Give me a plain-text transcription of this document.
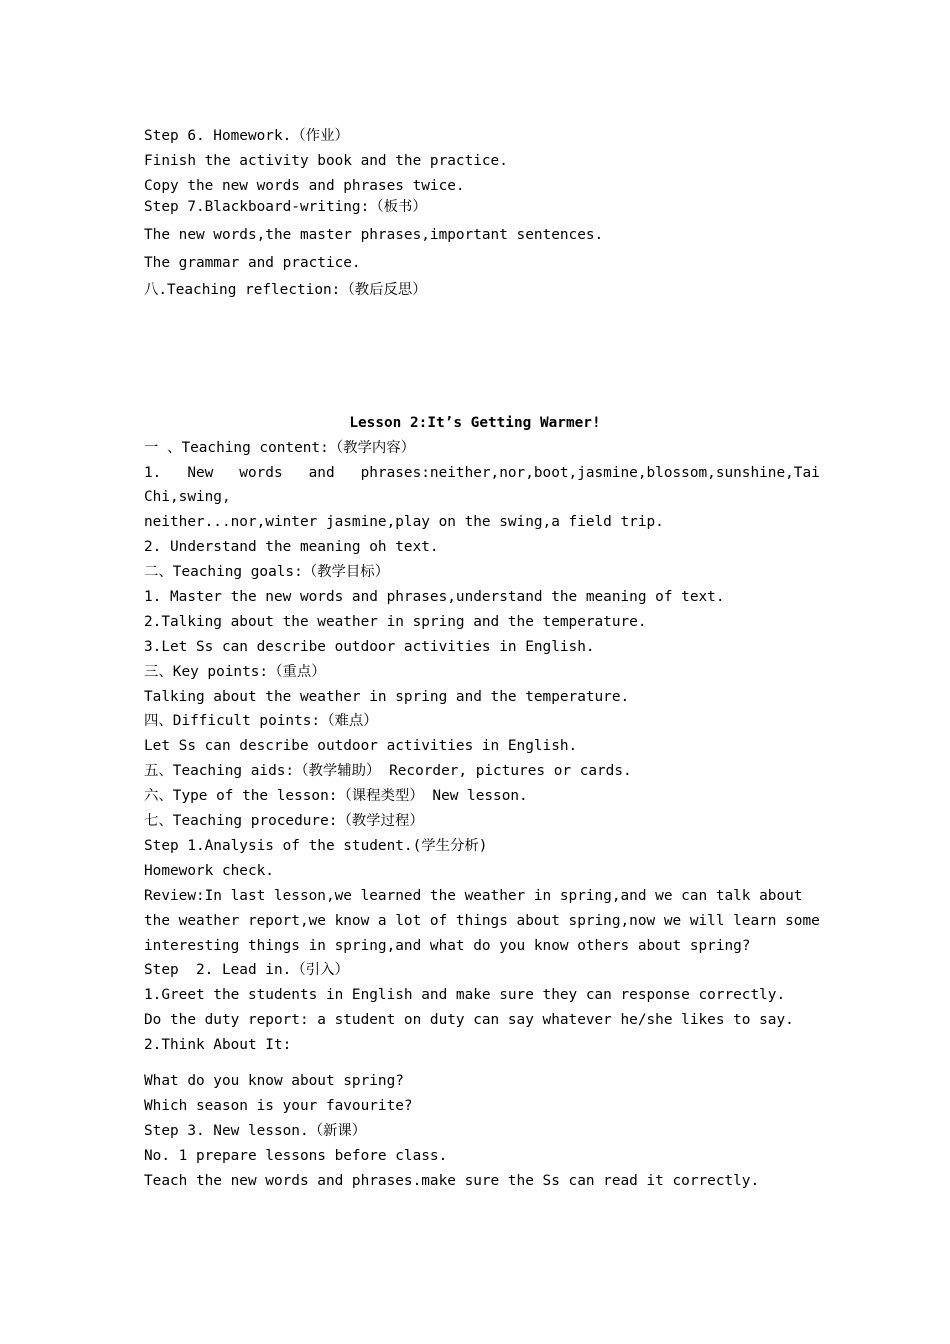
Step 6. Homework.（作业）
Finish the activity book and the practice.
Copy the new words and phrases twice.
Step 7.Blackboard-writing:（板书）
The new words,the master phrases,important sentences.
The grammar and practice.
八.Teaching reflection:（教后反思）
Lesson 2:It’s Getting Warmer!
一 、Teaching content:（教学内容）
1.   New   words   and   phrases:neither,nor,boot,jasmine,blossom,sunshine,Tai
Chi,swing,
neither...nor,winter jasmine,play on the swing,a field trip.
2. Understand the meaning oh text.
二、Teaching goals:（教学目标）
1. Master the new words and phrases,understand the meaning of text.
2.Talking about the weather in spring and the temperature.
3.Let Ss can describe outdoor activities in English.
三、Key points:（重点）
Talking about the weather in spring and the temperature.
四、Difficult points:（难点）
Let Ss can describe outdoor activities in English.
五、Teaching aids:（教学辅助） Recorder, pictures or cards.
六、Type of the lesson:（课程类型） New lesson.
七、Teaching procedure:（教学过程）
Step 1.Analysis of the student.(学生分析)
Homework check.
Review:In last lesson,we learned the weather in spring,and we can talk about
the weather report,we know a lot of things about spring,now we will learn some
interesting things in spring,and what do you know others about spring?
Step  2. Lead in.（引入）
1.Greet the students in English and make sure they can response correctly.
Do the duty report: a student on duty can say whatever he/she likes to say.
2.Think About It:
What do you know about spring?
Which season is your favourite?
Step 3. New lesson.（新课）
No. 1 prepare lessons before class.
Teach the new words and phrases.make sure the Ss can read it correctly.
